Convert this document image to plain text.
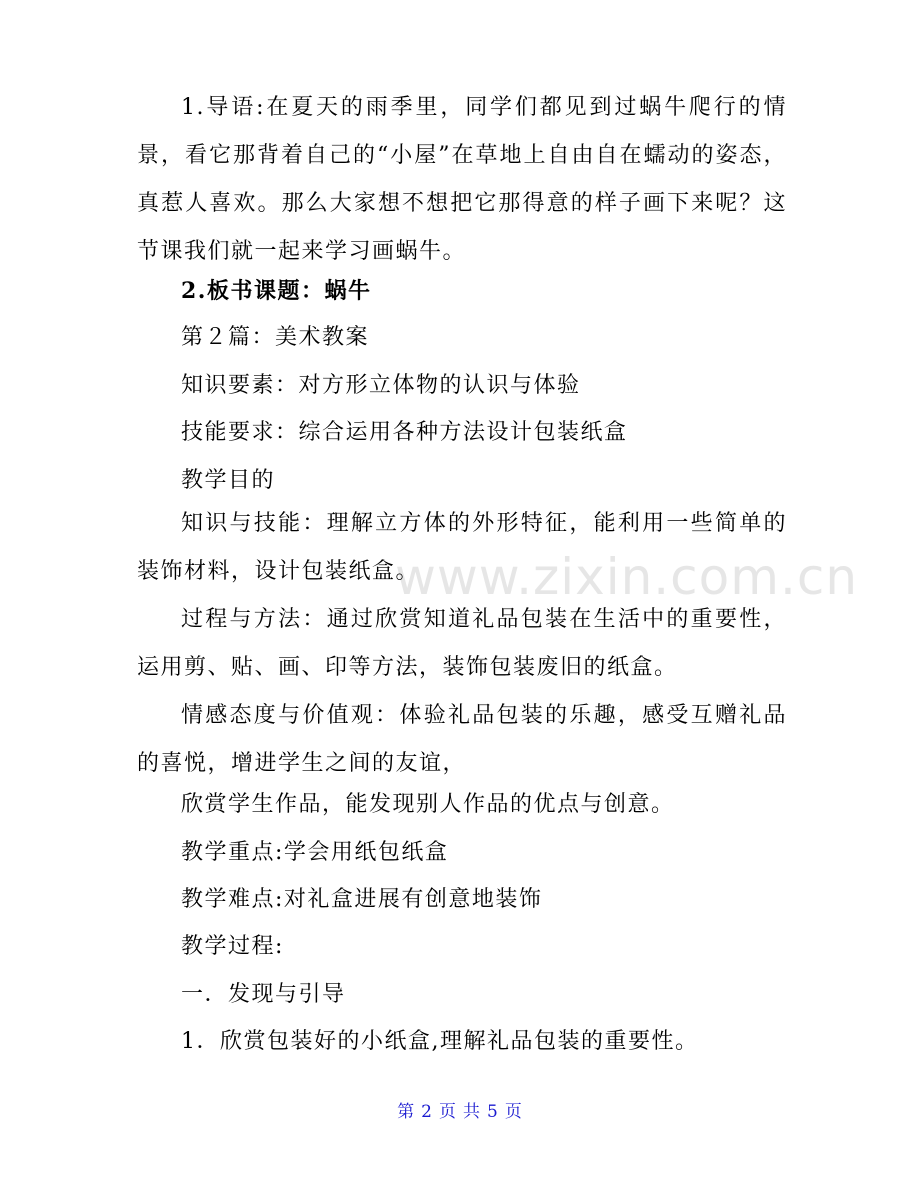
www.zixin.com.cn

1.导语:在夏天的雨季里，同学们都见到过蜗牛爬行的情景，看它那背着自己的“小屋”在草地上自由自在蠕动的姿态，真惹人喜欢。那么大家想不想把它那得意的样子画下来呢？这节课我们就一起来学习画蜗牛。

2.板书课题：蜗牛

第２篇：美术教案

知识要素：对方形立体物的认识与体验

技能要求：综合运用各种方法设计包装纸盒

教学目的

知识与技能：理解立方体的外形特征，能利用一些简单的装饰材料，设计包装纸盒。

过程与方法：通过欣赏知道礼品包装在生活中的重要性，运用剪、贴、画、印等方法，装饰包装废旧的纸盒。

情感态度与价值观：体验礼品包装的乐趣，感受互赠礼品的喜悦，增进学生之间的友谊，

欣赏学生作品，能发现别人作品的优点与创意。

教学重点:学会用纸包纸盒

教学难点:对礼盒进展有创意地装饰

教学过程:

一．发现与引导

1．欣赏包装好的小纸盒,理解礼品包装的重要性。

第 2 页 共 5 页
